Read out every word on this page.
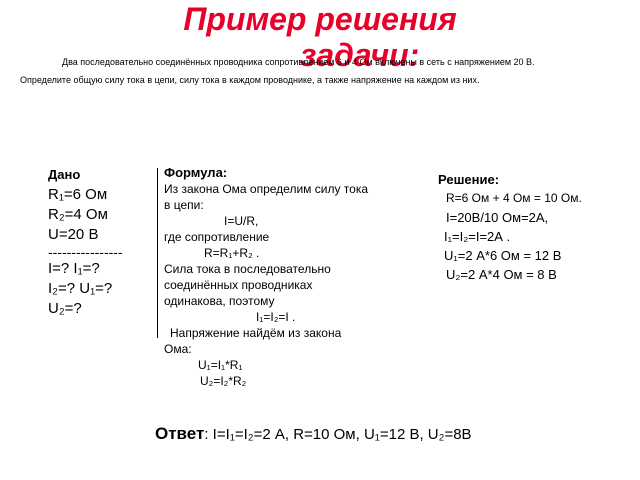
Пример решения
задачи:
Два последовательно соединённых проводника сопротивлением 6 и 4 Ом включены в сеть с напряжением 20 В.
Определите общую силу тока в цепи, силу тока в каждом проводнике, а также напряжение на каждом из них.
Дано
R₁=6 Ом
R₂=4 Ом
U=20 В
----------------
I=? I₁=?
I₂=? U₁=?
U₂=?
Формула:
Из закона Ома определим силу тока
в цепи:
I=U/R,
где сопротивление
R=R₁+R₂ .
Сила тока в последовательно
соединённых проводниках
одинакова, поэтому
I₁=I₂=I .
Напряжение найдём из закона
Ома:
U₁=I₁*R₁
U₂=I₂*R₂
Решение:
R=6 Ом + 4 Ом = 10 Ом.
I=20В/10 Ом=2А,
I₁=I₂=I=2А .
U₁=2 А*6 Ом = 12 В
U₂=2 А*4 Ом = 8 В
Ответ: I=I₁=I₂=2 А, R=10 Ом, U₁=12 В, U₂=8В
